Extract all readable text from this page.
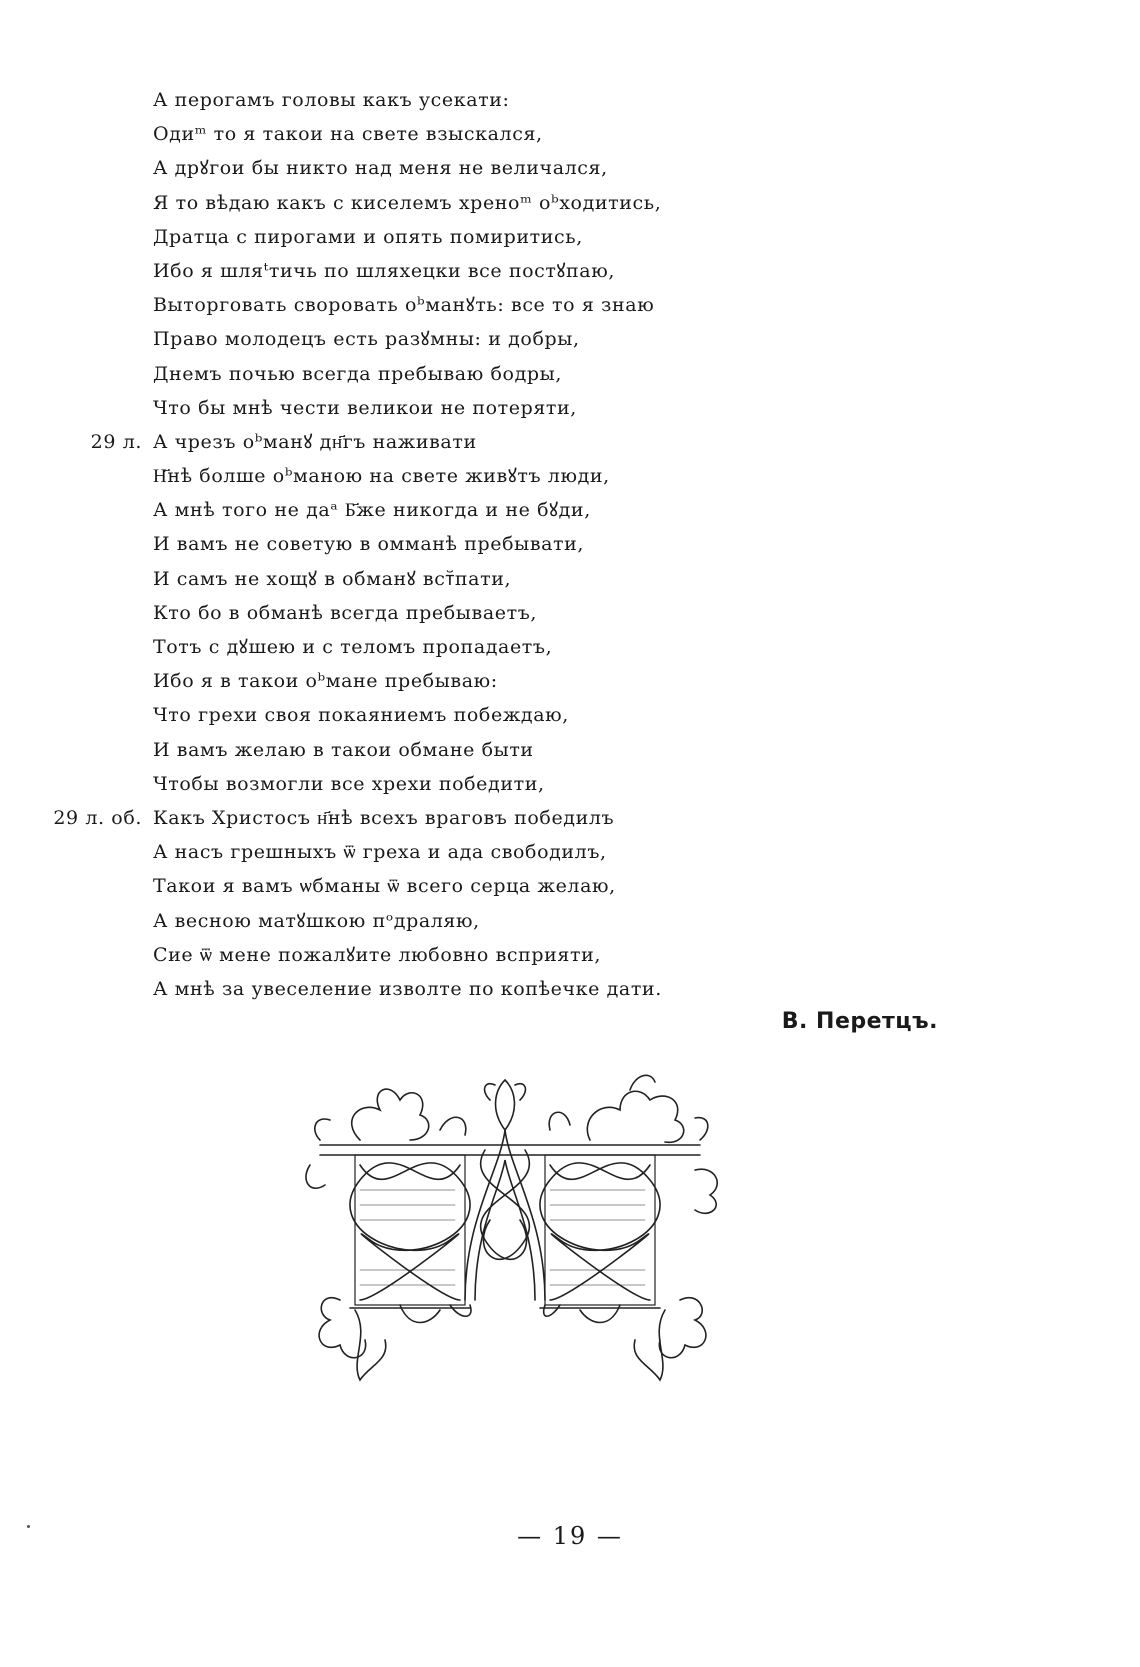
А перогамъ головы какъ усекати:
Одиᵐ то я такои на свете взыскался,
А дрꙋгои бы никто над меня не величался,
Я то вѣдаю какъ с киселемъ хреноᵐ оᵇходитись,
Дратца с пирогами и опять помиритись,
Ибо я шляᵗтичь по шляхецки все постꙋпаю,
Выторговать своровать оᵇманꙋть: все то я знаю
Право молодецъ есть разꙋмны: и добры,
Днемъ почью всегда пребываю бодры,
Что бы мнѣ чести великои не потеряти,
29 л. А чрезъ оᵇманꙋ дн҃гъ наживати
Н҃нѣ болше оᵇманою на свете живꙋтъ люди,
А мнѣ того не даᵃ Б҃же никогда и не бꙋди,
И вамъ не советую в омманѣ пребывати,
И самъ не хощꙋ в обманꙋ вст꙼пати,
Кто бо в обманѣ всегда пребываетъ,
Тотъ с дꙋшею и с теломъ пропадаетъ,
Ибо я в такои оᵇмане пребываю:
Что грехи своя покаяниемъ побеждаю,
И вамъ желаю в такои обмане быти
Чтобы возмогли все хрехи победити,
29 л. об. Какъ Христосъ н҃нѣ всехъ враговъ победилъ
А насъ грешныхъ ѿ греха и ада свободилъ,
Такои я вамъ ѡбманы ѿ всего серца желаю,
А весною матꙋшкою пᵒдраляю,
Сие ѿ мене пожалꙋите любовно всприяти,
А мнѣ за увеселение изволте по копѣечке дати.
В. Перетцъ.
— 19 —
